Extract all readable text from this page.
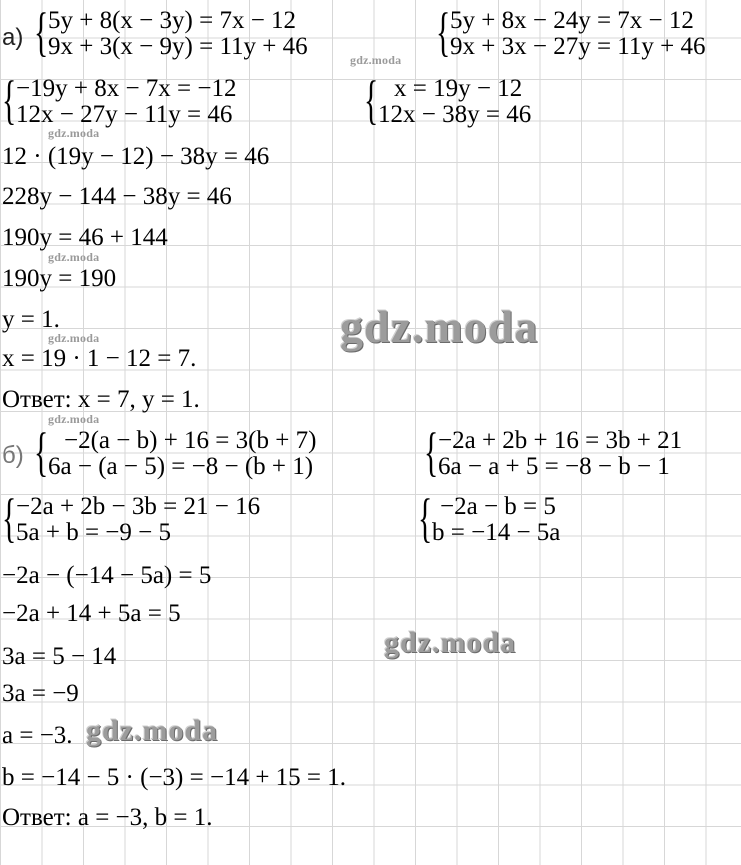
а) { 5y + 8(x − 3y) = 7x − 12
9x + 3(x − 9y) = 11y + 46 { 5y + 8x − 24y = 7x − 12
9x + 3x − 27y = 11y + 46
{ −19y + 8x − 7x = −12
12x − 27y − 11y = 46 { x = 19y − 12
12x − 38y = 46
12 · (19y − 12) − 38y = 46
228y − 144 − 38y = 46
190y = 46 + 144
190y = 190
y = 1.
x = 19 · 1 − 12 = 7.
Ответ: x = 7, y = 1.
б) { −2(a − b) + 16 = 3(b + 7)
6a − (a − 5) = −8 − (b + 1) { −2a + 2b + 16 = 3b + 21
6a − a + 5 = −8 − b − 1
{ −2a + 2b − 3b = 21 − 16
5a + b = −9 − 5	{ −2a − b = 5
b = −14 − 5a
−2a − (−14 − 5a) = 5
−2a + 14 + 5a = 5
3a = 5 − 14
3a = −9
a = −3.
b = −14 − 5 · (−3) = −14 + 15 = 1.
Ответ: a = −3, b = 1.
gdz.moda
gdz.moda
gdz.moda
gdz.moda
gdz.moda
gdz.moda
gdz.moda
gdz.moda
